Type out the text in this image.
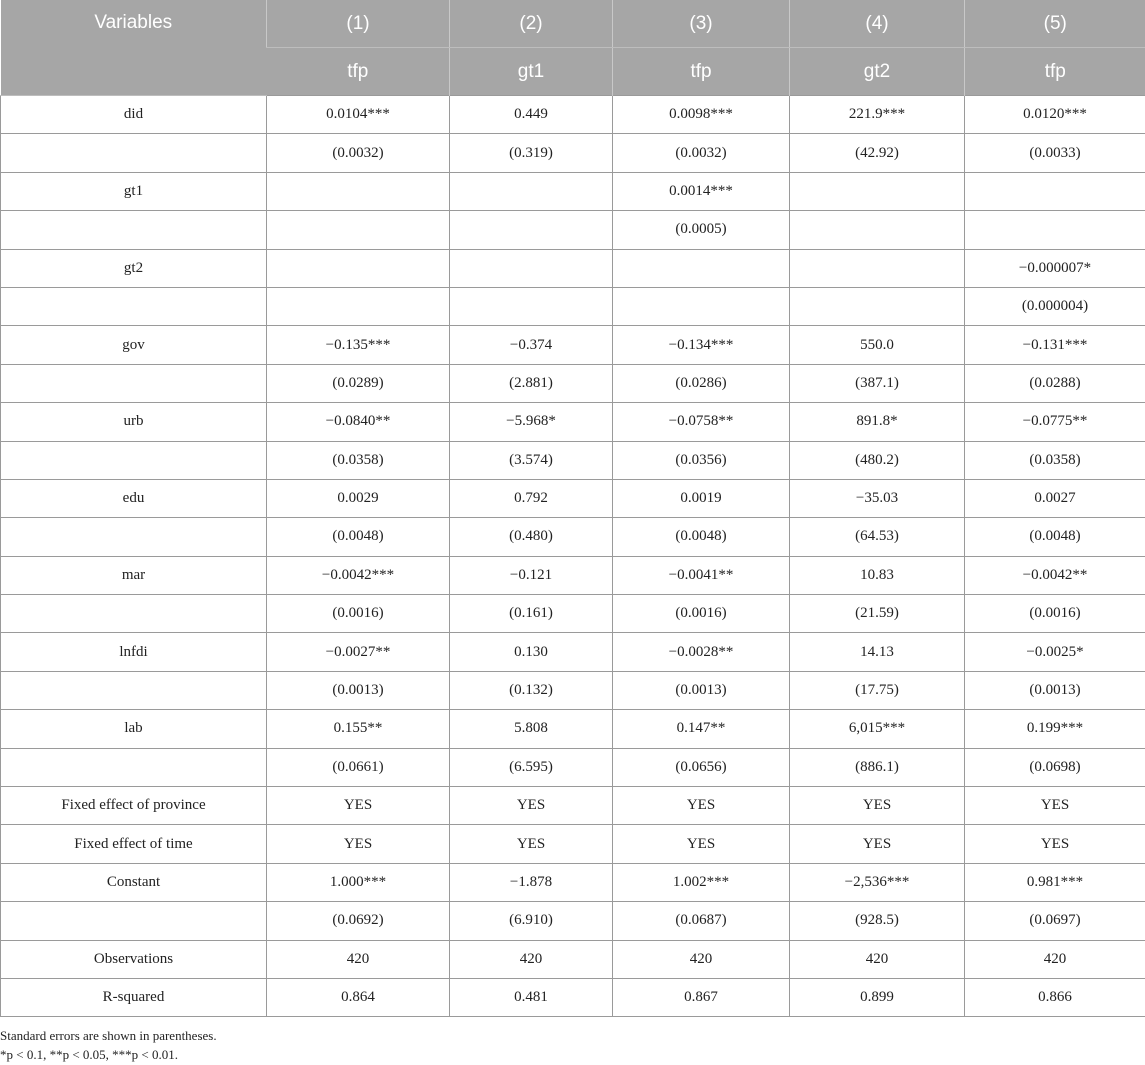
Variables	(1)	(2)	(3)	(4)	(5)
	tfp	gt1	tfp	gt2	tfp
did	0.0104***	0.449	0.0098***	221.9***	0.0120***
	(0.0032)	(0.319)	(0.0032)	(42.92)	(0.0033)
gt1			0.0014***		
			(0.0005)		
gt2					−0.000007*
					(0.000004)
gov	−0.135***	−0.374	−0.134***	550.0	−0.131***
	(0.0289)	(2.881)	(0.0286)	(387.1)	(0.0288)
urb	−0.0840**	−5.968*	−0.0758**	891.8*	−0.0775**
	(0.0358)	(3.574)	(0.0356)	(480.2)	(0.0358)
edu	0.0029	0.792	0.0019	−35.03	0.0027
	(0.0048)	(0.480)	(0.0048)	(64.53)	(0.0048)
mar	−0.0042***	−0.121	−0.0041**	10.83	−0.0042**
	(0.0016)	(0.161)	(0.0016)	(21.59)	(0.0016)
lnfdi	−0.0027**	0.130	−0.0028**	14.13	−0.0025*
	(0.0013)	(0.132)	(0.0013)	(17.75)	(0.0013)
lab	0.155**	5.808	0.147**	6,015***	0.199***
	(0.0661)	(6.595)	(0.0656)	(886.1)	(0.0698)
Fixed effect of province	YES	YES	YES	YES	YES
Fixed effect of time	YES	YES	YES	YES	YES
Constant	1.000***	−1.878	1.002***	−2,536***	0.981***
	(0.0692)	(6.910)	(0.0687)	(928.5)	(0.0697)
Observations	420	420	420	420	420
R-squared	0.864	0.481	0.867	0.899	0.866
Standard errors are shown in parentheses.
*p < 0.1, **p < 0.05, ***p < 0.01.
